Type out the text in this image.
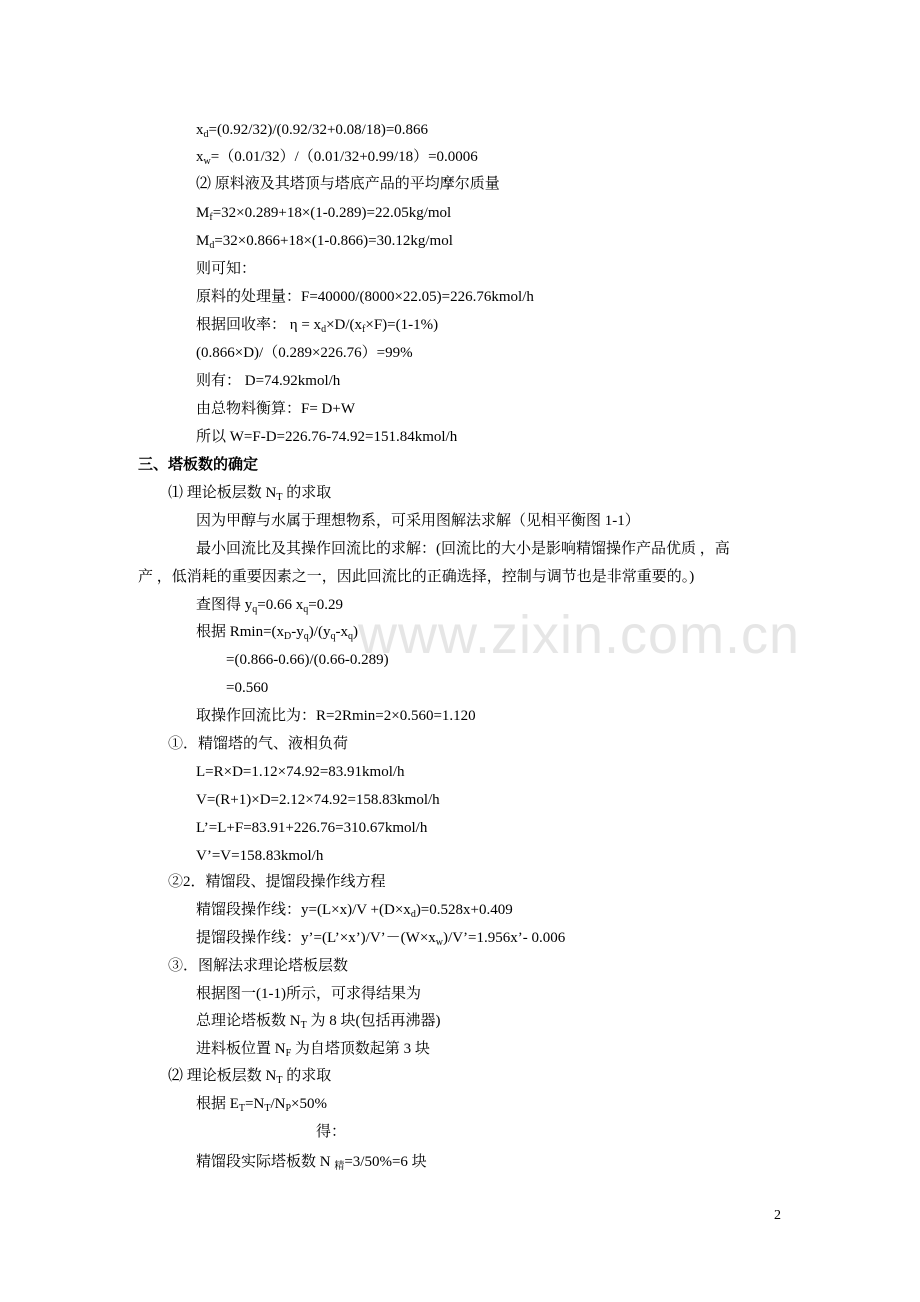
www.zixin.com.cn
$x_d=(0.92/32)/(0.92/32+0.08/18)=0.866$
$x_w=(0.01/32)/(0.01/32+0.99/18)=0.0006$
⑵ 原料液及其塔顶与塔底产品的平均摩尔质量
$M_f=32\times 0.289+18\times(1-0.289)=22.05kg$/mol
$M_d=32\times 0.866+18\times(1-0.866)=30.12kg$/mol
则可知：
原料的处理量：F=40000/(8000×22.05)=226.76kmol/h
根据回收率： $\eta = x_d\times D/(x_f\times F)=(1-1\%)$
(0.866×D)/（0.289×226.76）=99%
则有： D=74.92kmol/h
由总物料衡算：F= D+W
所以 W=F-D=226.76-74.92=151.84kmol/h
三、塔板数的确定
⑴ 理论板层数 $N_T$ 的求取
因为甲醇与水属于理想物系，可采用图解法求解（见相平衡图 1-1）
最小回流比及其操作回流比的求解：(回流比的大小是影响精馏操作产品优质 ，高
产 ，低消耗的重要因素之一，因此回流比的正确选择，控制与调节也是非常重要的。)
查图得 $y_q=0.66$ $x_q=0.29$
根据 $Rmin=(x_D-y_q)/(y_q-x_q)$
=(0.866-0.66)/(0.66-0.289)
=0.560
取操作回流比为：R=2Rmin=2×0.560=1.120
①．精馏塔的气、液相负荷
L=R×D=1.12×74.92=83.91kmol/h
V=(R+1)×D=2.12×74.92=158.83kmol/h
L’=L+F=83.91+226.76=310.67kmol/h
V’=V=158.83kmol/h
②2．精馏段、提馏段操作线方程
精馏段操作线：$y=(L\times x)/V +(D\times x_d)=0.528x+0.409$
提馏段操作线：$y’=(L’\times x’)/V’-(W\times x_w)/V’=1.956x’-$ 0.006
③．图解法求理论塔板层数
根据图一(1-1)所示，可求得结果为
总理论塔板数 $N_T$ 为 8 块(包括再沸器)
进料板位置 $N_F$ 为自塔顶数起第 3 块
⑵ 理论板层数 $N_T$ 的求取
根据 $E_T=N_T/N_P\times 50\%$
得：
精馏段实际塔板数 N $_精$=3/50%=6 块
2
